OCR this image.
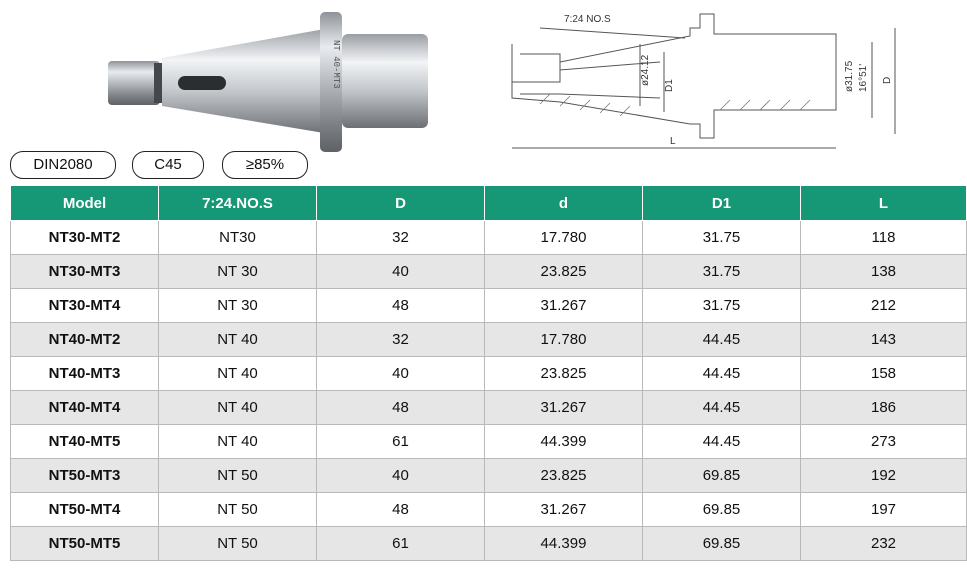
NT 40-MT3
7:24 NO.S
ø24.12 D1	ø31.75 16°51' D
L
DIN2080	C45	≥85%
Model	7:24.NO.S	D	d	D1	L
NT30-MT2	NT30	32	17.780	31.75	118
NT30-MT3	NT 30	40	23.825	31.75	138
NT30-MT4	NT 30	48	31.267	31.75	212
NT40-MT2	NT 40	32	17.780	44.45	143
NT40-MT3	NT 40	40	23.825	44.45	158
NT40-MT4	NT 40	48	31.267	44.45	186
NT40-MT5	NT 40	61	44.399	44.45	273
NT50-MT3	NT 50	40	23.825	69.85	192
NT50-MT4	NT 50	48	31.267	69.85	197
NT50-MT5	NT 50	61	44.399	69.85	232
